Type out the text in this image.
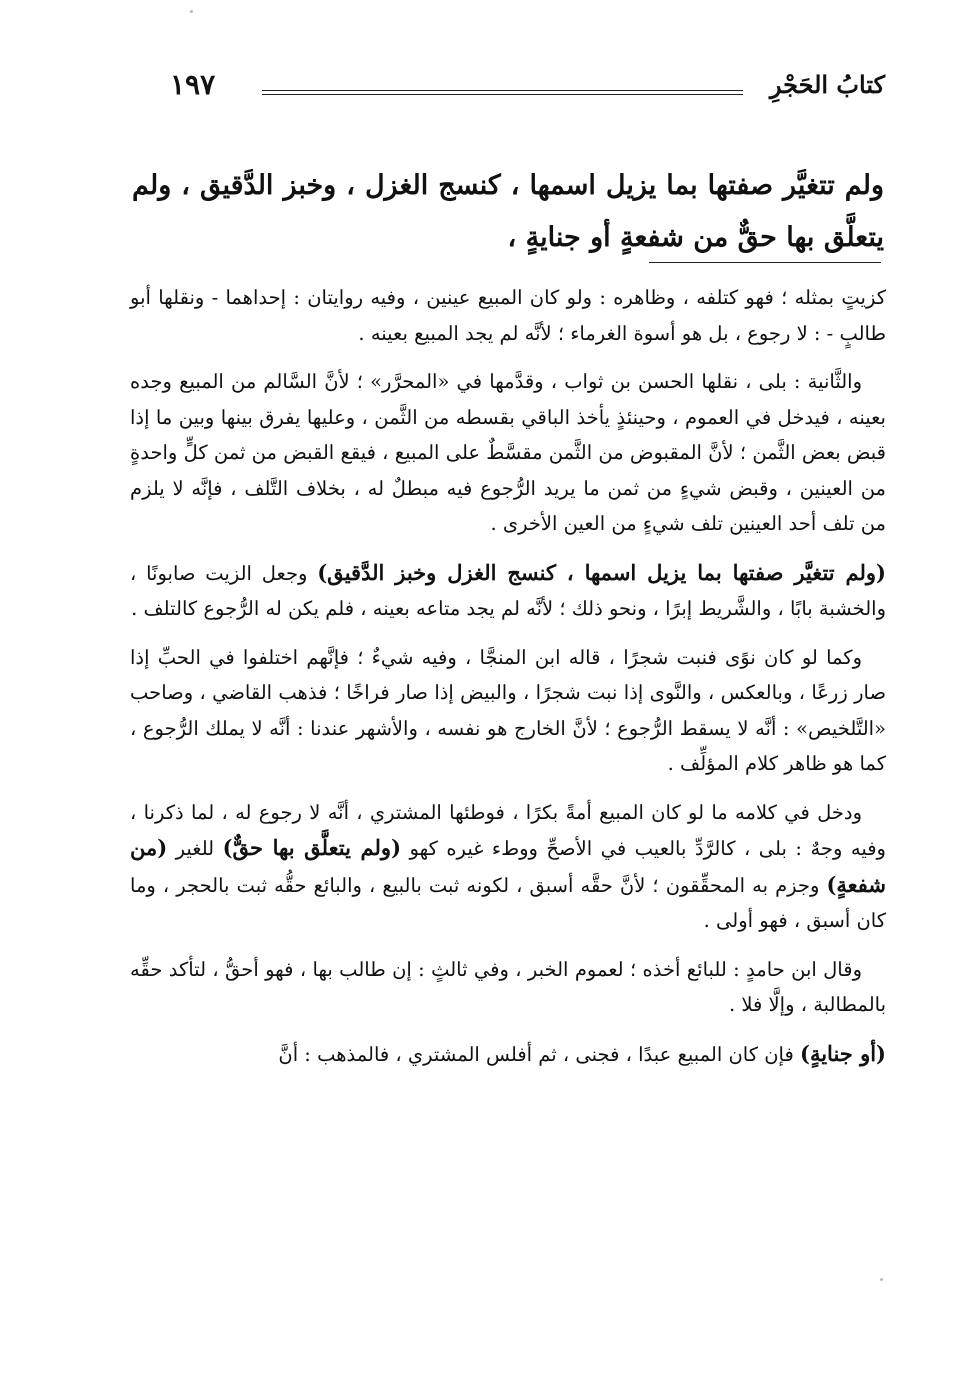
كتابُ الحَجْرِ
١٩٧
ولم تتغيَّر صفتها بما يزيل اسمها ، كنسج الغزل ، وخبز الدَّقيق ، ولم يتعلَّق بها حقٌّ من شفعةٍ أو جنايةٍ ،

كزيتٍ بمثله ؛ فهو كتلفه ، وظاهره : ولو كان المبيع عينين ، وفيه روايتان : إحداهما - ونقلها أبو طالبٍ - : لا رجوع ، بل هو أسوة الغرماء ؛ لأنَّه لم يجد المبيع بعينه .

والثَّانية : بلى ، نقلها الحسن بن ثواب ، وقدَّمها في «المحرَّر» ؛ لأنَّ السَّالم من المبيع وجده بعينه ، فيدخل في العموم ، وحينئذٍ يأخذ الباقي بقسطه من الثَّمن ، وعليها يفرق بينها وبين ما إذا قبض بعض الثَّمن ؛ لأنَّ المقبوض من الثَّمن مقسَّطٌ على المبيع ، فيقع القبض من ثمن كلٍّ واحدةٍ من العينين ، وقبض شيءٍ من ثمن ما يريد الرُّجوع فيه مبطلٌ له ، بخلاف التَّلف ، فإنَّه لا يلزم من تلف أحد العينين تلف شيءٍ من العين الأخرى .

(ولم تتغيَّر صفتها بما يزيل اسمها ، كنسج الغزل وخبز الدَّقيق) وجعل الزيت صابونًا ، والخشبة بابًا ، والشَّريط إبرًا ، ونحو ذلك ؛ لأنَّه لم يجد متاعه بعينه ، فلم يكن له الرُّجوع كالتلف .

وكما لو كان نوًى فنبت شجرًا ، قاله ابن المنجَّا ، وفيه شيءٌ ؛ فإنَّهم اختلفوا في الحبِّ إذا صار زرعًا ، وبالعكس ، والنَّوى إذا نبت شجرًا ، والبيض إذا صار فراخًا ؛ فذهب القاضي ، وصاحب «التَّلخيص» : أنَّه لا يسقط الرُّجوع ؛ لأنَّ الخارج هو نفسه ، والأشهر عندنا : أنَّه لا يملك الرُّجوع ، كما هو ظاهر كلام المؤلِّف .

ودخل في كلامه ما لو كان المبيع أمةً بكرًا ، فوطئها المشتري ، أنَّه لا رجوع له ، لما ذكرنا ، وفيه وجهٌ : بلى ، كالرَّدِّ بالعيب في الأصحِّ ووطء غيره كهو (ولم يتعلَّق بها حقٌّ) للغير (من شفعةٍ) وجزم به المحقِّقون ؛ لأنَّ حقَّه أسبق ، لكونه ثبت بالبيع ، والبائع حقُّه ثبت بالحجر ، وما كان أسبق ، فهو أولى .

وقال ابن حامدٍ : للبائع أخذه ؛ لعموم الخبر ، وفي ثالثٍ : إن طالب بها ، فهو أحقُّ ، لتأكد حقِّه بالمطالبة ، وإلَّا فلا .

(أو جنايةٍ) فإن كان المبيع عبدًا ، فجنى ، ثم أفلس المشتري ، فالمذهب : أنَّ
